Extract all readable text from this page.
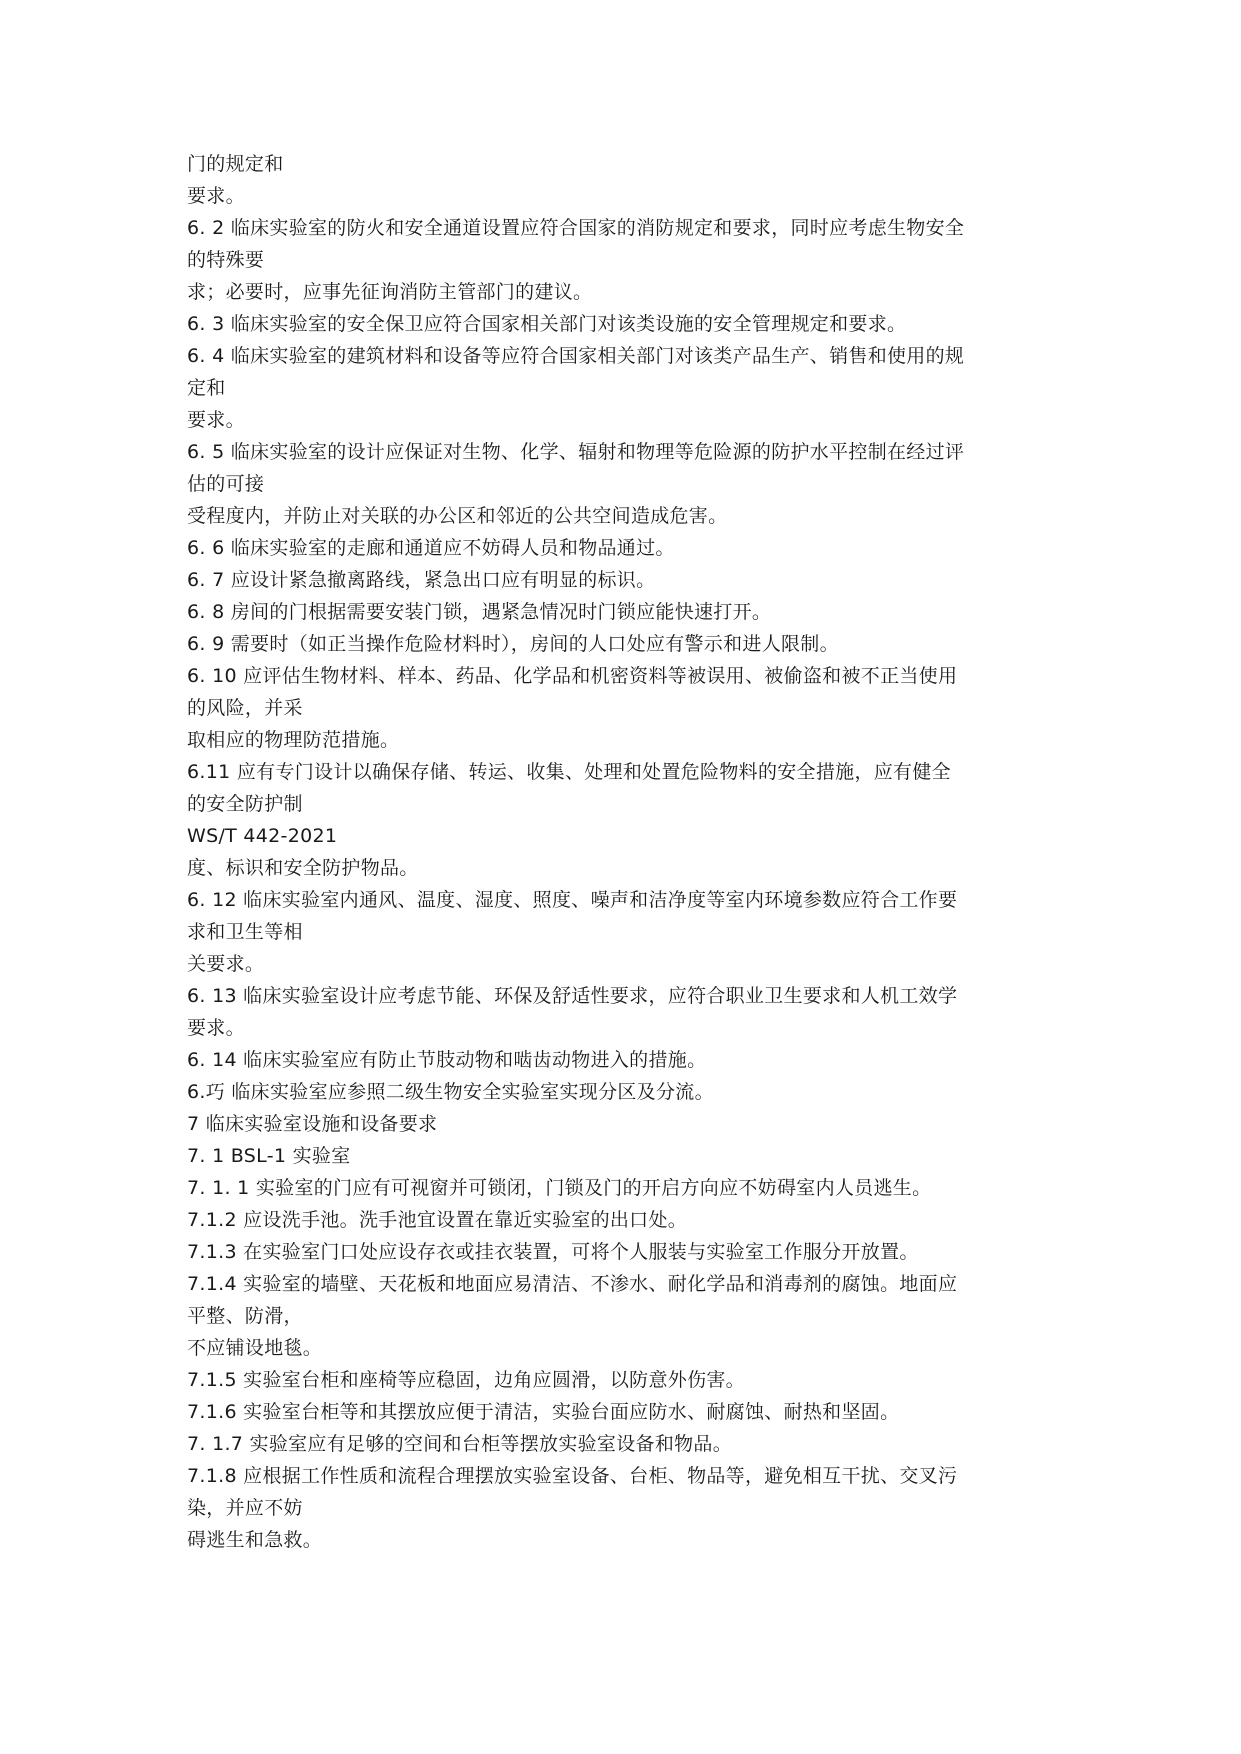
门的规定和
要求。
6. 2 临床实验室的防火和安全通道设置应符合国家的消防规定和要求，同时应考虑生物安全
的特殊要
求；必要时，应事先征询消防主管部门的建议。
6. 3 临床实验室的安全保卫应符合国家相关部门对该类设施的安全管理规定和要求。
6. 4 临床实验室的建筑材料和设备等应符合国家相关部门对该类产品生产、销售和使用的规
定和
要求。
6. 5 临床实验室的设计应保证对生物、化学、辐射和物理等危险源的防护水平控制在经过评
估的可接
受程度内，并防止对关联的办公区和邻近的公共空间造成危害。
6. 6 临床实验室的走廊和通道应不妨碍人员和物品通过。
6. 7 应设计紧急撤离路线，紧急出口应有明显的标识。
6. 8 房间的门根据需要安装门锁，遇紧急情况时门锁应能快速打开。
6. 9 需要时（如正当操作危险材料时），房间的人口处应有警示和进人限制。
6. 10 应评估生物材料、样本、药品、化学品和机密资料等被误用、被偷盗和被不正当使用
的风险，并采
取相应的物理防范措施。
6.11 应有专门设计以确保存储、转运、收集、处理和处置危险物料的安全措施，应有健全
的安全防护制
WS/T 442-2021
度、标识和安全防护物品。
6. 12 临床实验室内通风、温度、湿度、照度、噪声和洁净度等室内环境参数应符合工作要
求和卫生等相
关要求。
6. 13 临床实验室设计应考虑节能、环保及舒适性要求，应符合职业卫生要求和人机工效学
要求。
6. 14 临床实验室应有防止节肢动物和啮齿动物进入的措施。
6.巧 临床实验室应参照二级生物安全实验室实现分区及分流。
7 临床实验室设施和设备要求
7. 1 BSL-1 实验室
7. 1. 1 实验室的门应有可视窗并可锁闭，门锁及门的开启方向应不妨碍室内人员逃生。
7.1.2 应设洗手池。洗手池宜设置在靠近实验室的出口处。
7.1.3 在实验室门口处应设存衣或挂衣装置，可将个人服装与实验室工作服分开放置。
7.1.4 实验室的墙壁、天花板和地面应易清洁、不渗水、耐化学品和消毒剂的腐蚀。地面应
平整、防滑，
不应铺设地毯。
7.1.5 实验室台柜和座椅等应稳固，边角应圆滑，以防意外伤害。
7.1.6 实验室台柜等和其摆放应便于清洁，实验台面应防水、耐腐蚀、耐热和坚固。
7. 1.7 实验室应有足够的空间和台柜等摆放实验室设备和物品。
7.1.8 应根据工作性质和流程合理摆放实验室设备、台柜、物品等，避免相互干扰、交叉污
染，并应不妨
碍逃生和急救。
